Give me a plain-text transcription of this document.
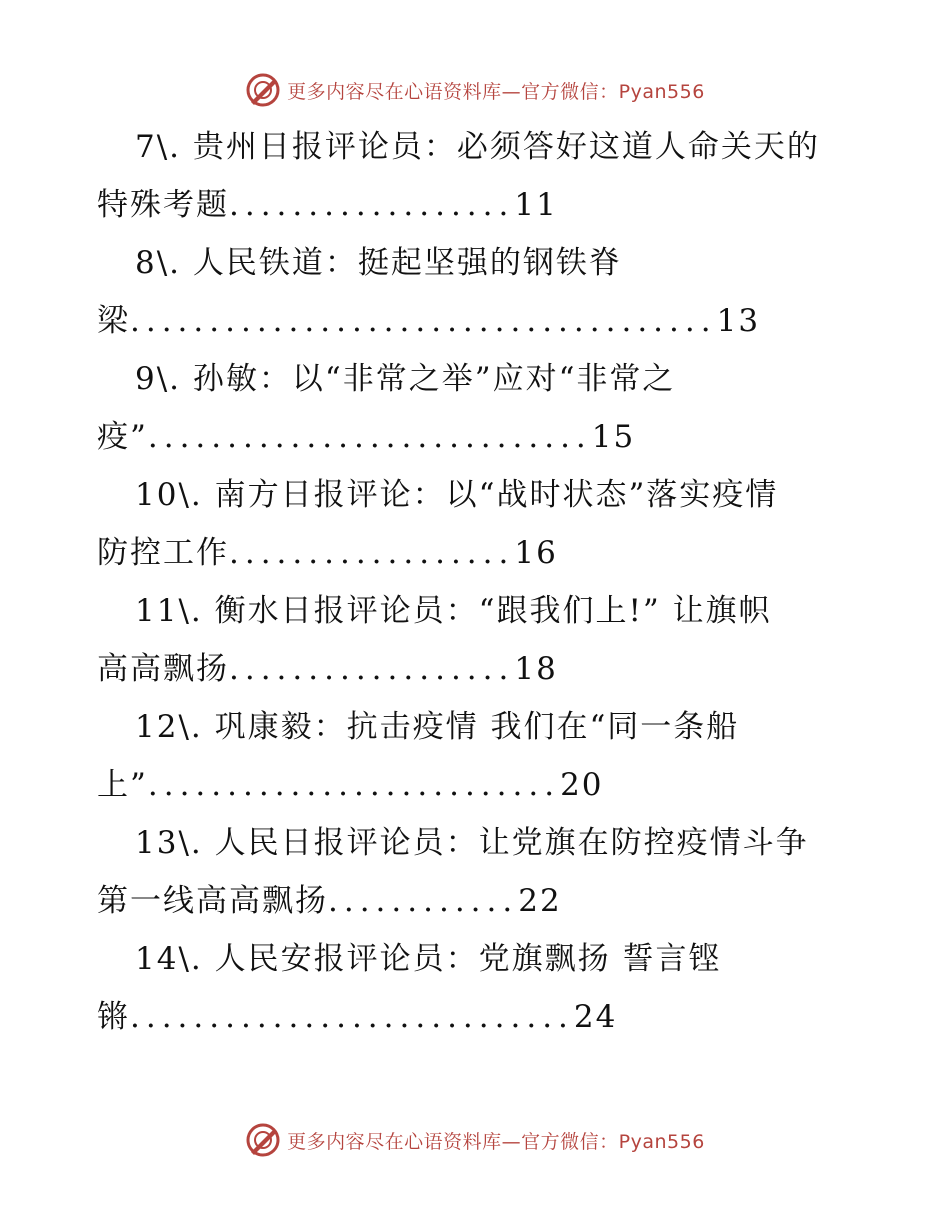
更多内容尽在心语资料库—官方微信：Pyan556
7\. 贵州日报评论员：必须答好这道人命关天的
特殊考题..................11
8\. 人民铁道：挺起坚强的钢铁脊
梁.....................................13
9\. 孙敏：以“非常之举”应对“非常之
疫”............................15
10\. 南方日报评论：以“战时状态”落实疫情
防控工作..................16
11\. 衡水日报评论员：“跟我们上!” 让旗帜
高高飘扬..................18
12\. 巩康毅：抗击疫情 我们在“同一条船
上”..........................20
13\. 人民日报评论员：让党旗在防控疫情斗争
第一线高高飘扬............22
14\. 人民安报评论员：党旗飘扬 誓言铿
锵............................24
更多内容尽在心语资料库—官方微信：Pyan556
